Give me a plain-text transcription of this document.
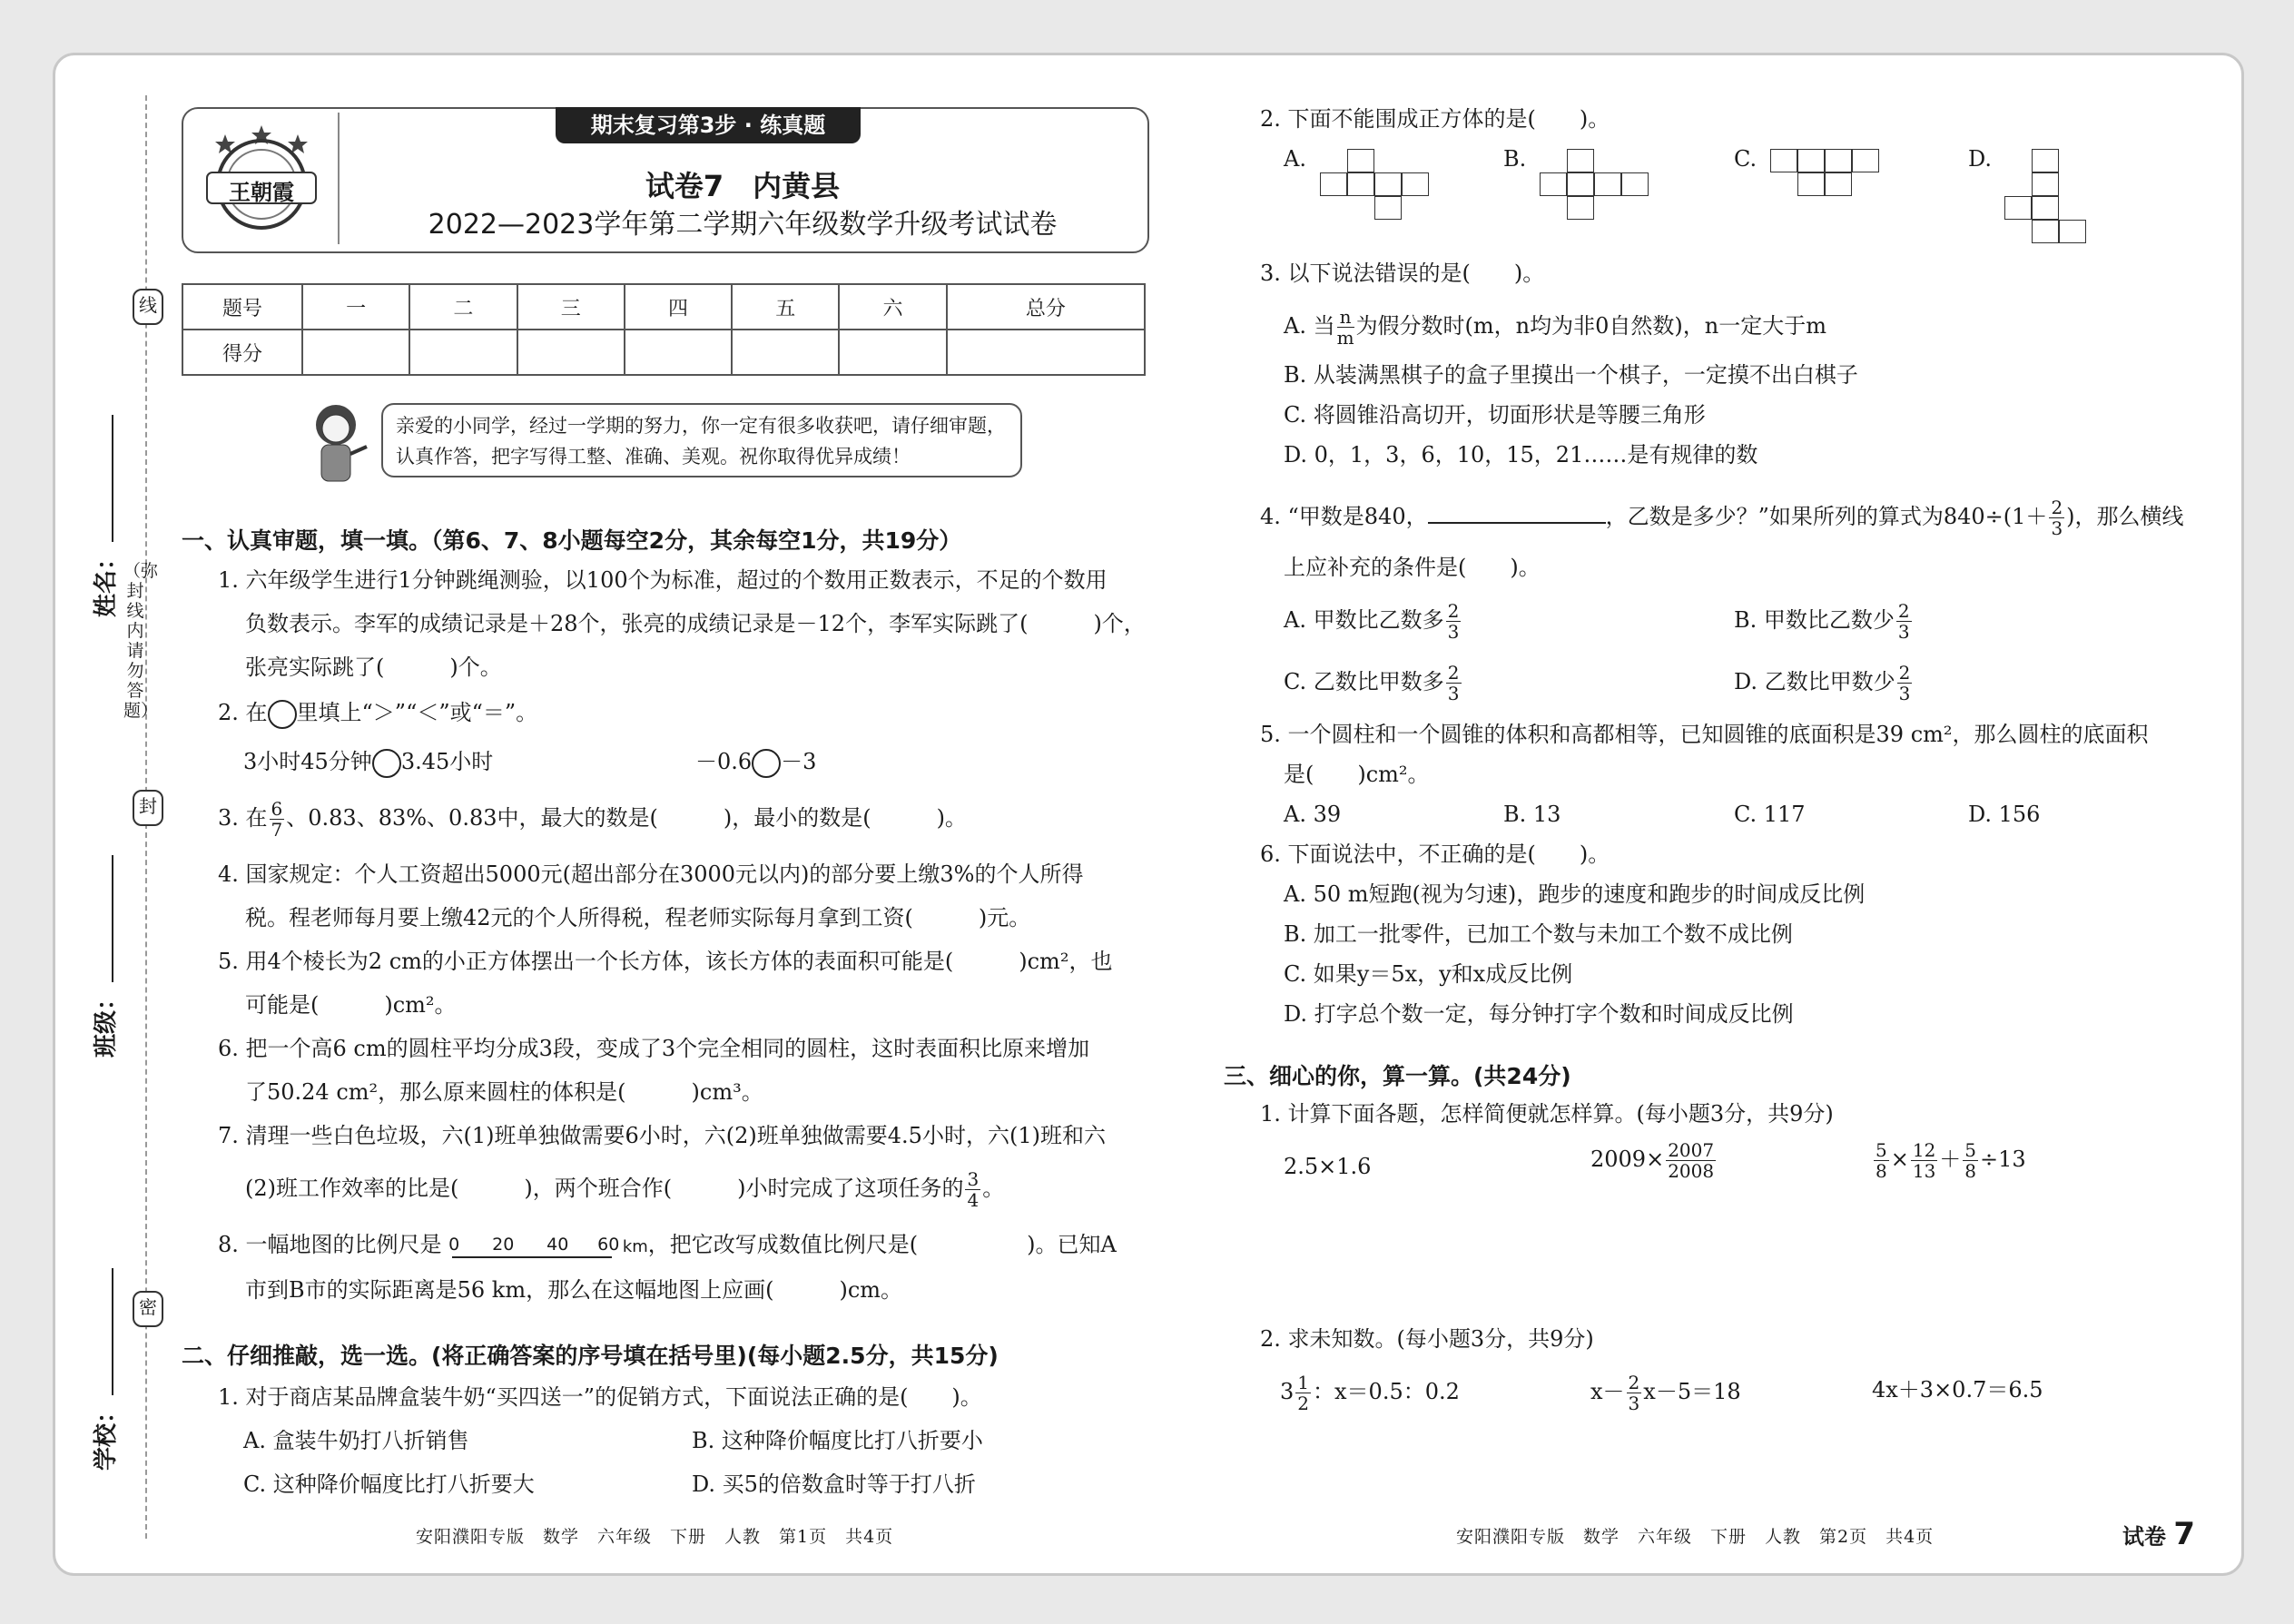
线
封
密
（弥封线内请勿答题）
姓名：
班级：
学校：
期末复习第3步 · 练真题
王朝霞	试卷7　内黄县
2022—2023学年第二学期六年级数学升级考试试卷
题号	一	二	三	四	五	六	总分
得分							
亲爱的小同学，经过一学期的努力，你一定有很多收获吧，请仔细审题，认真作答，把字写得工整、准确、美观。祝你取得优异成绩！
一、认真审题，填一填。（第6、7、8小题每空2分，其余每空1分，共19分）
1. 六年级学生进行1分钟跳绳测验，以100个为标准，超过的个数用正数表示，不足的个数用
负数表示。李军的成绩记录是＋28个，张亮的成绩记录是－12个，李军实际跳了(　　　)个，
张亮实际跳了(　　　)个。
2. 在 里填上“＞”“＜”或“＝”。
3小时45分钟 3.45小时	－0.6 －3
3. 在 $\frac{6}{7}$ 、0.83、83%、0.83中，最大的数是(　　　)，最小的数是(　　　)。
4. 国家规定：个人工资超出5000元(超出部分在3000元以内)的部分要上缴3%的个人所得
税。程老师每月要上缴42元的个人所得税，程老师实际每月拿到工资(　　　)元。
5. 用4个棱长为2 cm的小正方体摆出一个长方体，该长方体的表面积可能是(　　　)cm²，也
可能是(　　　)cm²。
6. 把一个高6 cm的圆柱平均分成3段，变成了3个完全相同的圆柱，这时表面积比原来增加
了50.24 cm²，那么原来圆柱的体积是(　　　)cm³。
7. 清理一些白色垃圾，六(1)班单独做需要6小时，六(2)班单独做需要4.5小时，六(1)班和六
(2)班工作效率的比是(　　　)，两个班合作(　　　)小时完成了这项任务的 $\frac{3}{4}$ 。
8. 一幅地图的比例尺是 0 20 40 60 km，把它改写成数值比例尺是(　　　　　)。已知A
市到B市的实际距离是56 km，那么在这幅地图上应画(　　　)cm。
二、仔细推敲，选一选。(将正确答案的序号填在括号里)(每小题2.5分，共15分)
1. 对于商店某品牌盒装牛奶“买四送一”的促销方式，下面说法正确的是(　　)。
A. 盒装牛奶打八折销售	B. 这种降价幅度比打八折要小
C. 这种降价幅度比打八折要大	D. 买5的倍数盒时等于打八折
安阳濮阳专版　数学　六年级　下册　人教　第1页　共4页
2. 下面不能围成正方体的是(　　)。
A.	B.	C.	D.
3. 以下说法错误的是(　　)。
A. 当 $\frac{n}{m}$ 为假分数时(m，n均为非0自然数)，n一定大于m
B. 从装满黑棋子的盒子里摸出一个棋子，一定摸不出白棋子
C. 将圆锥沿高切开，切面形状是等腰三角形
D. 0，1，3，6，10，15，21……是有规律的数
4. “甲数是840，	，乙数是多少？”如果所列的算式为$840\div(1+ \frac{2}{3}$ )，那么横线
上应补充的条件是(　　)。
A. 甲数比乙数多 $\frac{2}{3}$	B. 甲数比乙数少 $\frac{2}{3}$
C. 乙数比甲数多 $\frac{2}{3}$	D. 乙数比甲数少 $\frac{2}{3}$
5. 一个圆柱和一个圆锥的体积和高都相等，已知圆锥的底面积是39 cm²，那么圆柱的底面积
是(　　)cm²。
A. 39	B. 13	C. 117	D. 156
6. 下面说法中，不正确的是(　　)。
A. 50 m短跑(视为匀速)，跑步的速度和跑步的时间成反比例
B. 加工一批零件，已加工个数与未加工个数不成比例
C. 如果y＝5x，y和x成反比例
D. 打字总个数一定，每分钟打字个数和时间成反比例
三、细心的你，算一算。(共24分)
1. 计算下面各题，怎样简便就怎样算。(每小题3分，共9分)
2.5×1.6	$2009\times \frac{2007}{2008}$	$\frac{5}{8} \times \frac{12}{13} + \frac{5}{8} \div 13$
2. 求未知数。(每小题3分，共9分)
$3 \frac{1}{2}$ ：x＝0.5：0.2	$x- \frac{2}{3} x-5=18$	4x＋3×0.7＝6.5
安阳濮阳专版　数学　六年级　下册　人教　第2页　共4页	试卷 7
